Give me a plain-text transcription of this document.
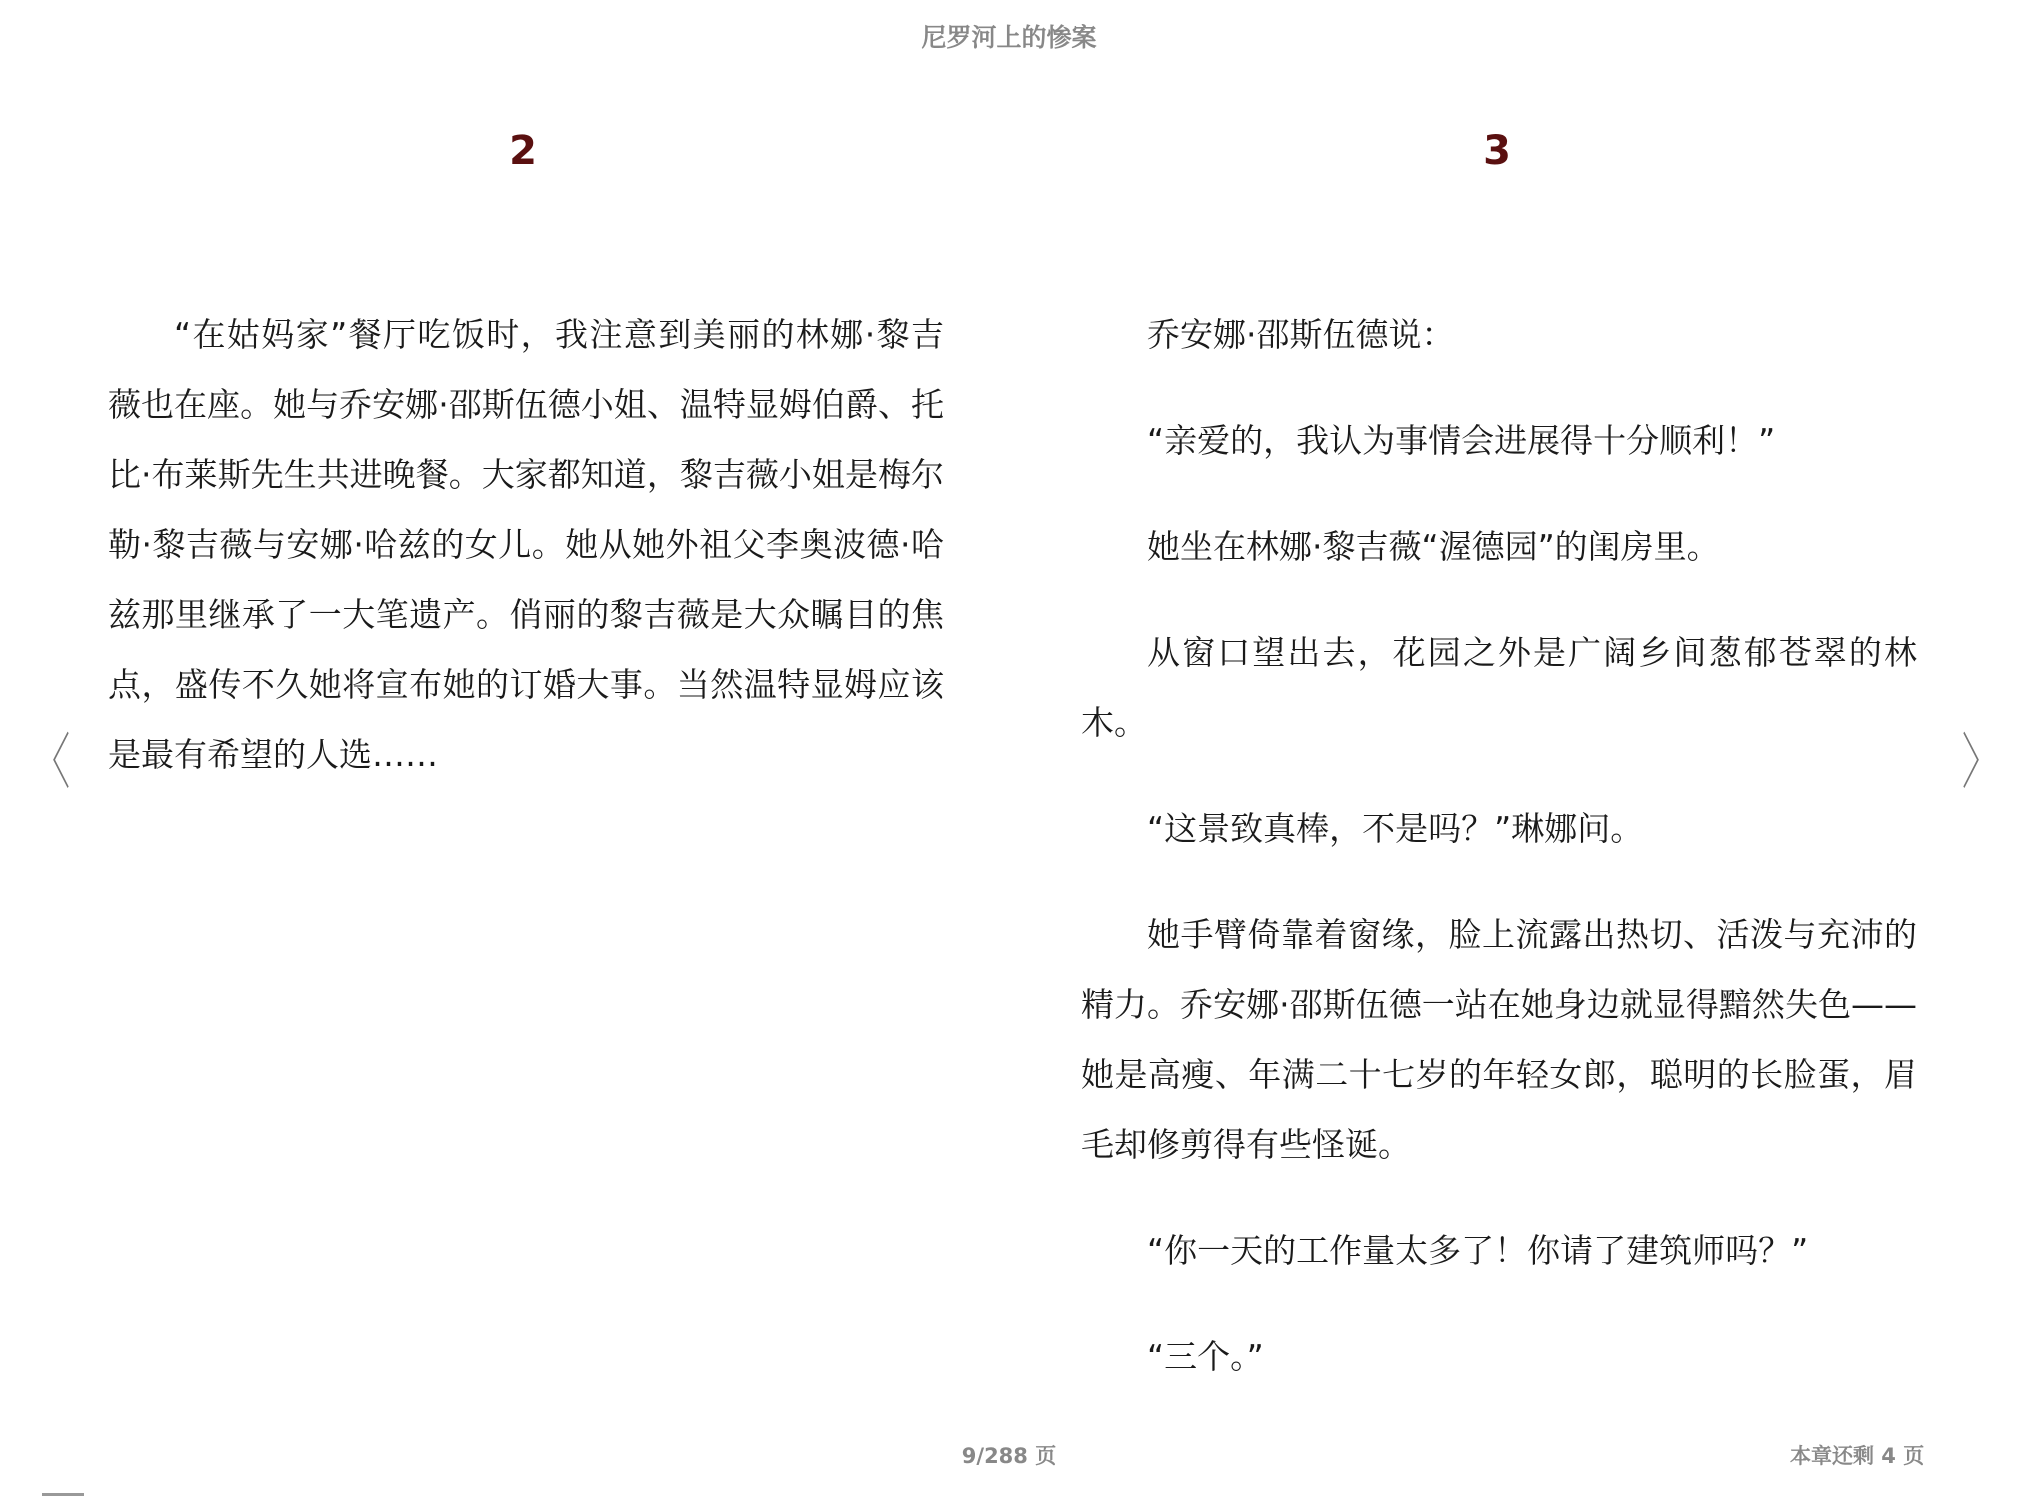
尼罗河上的惨案
2	3

“在姑妈家”餐厅吃饭时，我注意到美丽的林娜·黎吉薇也在座。她与乔安娜·邵斯伍德小姐、温特显姆伯爵、托比·布莱斯先生共进晚餐。大家都知道，黎吉薇小姐是梅尔勒·黎吉薇与安娜·哈兹的女儿。她从她外祖父李奥波德·哈兹那里继承了一大笔遗产。俏丽的黎吉薇是大众瞩目的焦点，盛传不久她将宣布她的订婚大事。当然温特显姆应该是最有希望的人选……

乔安娜·邵斯伍德说：

“亲爱的，我认为事情会进展得十分顺利！”

她坐在林娜·黎吉薇“渥德园”的闺房里。

从窗口望出去，花园之外是广阔乡间葱郁苍翠的林木。

“这景致真棒，不是吗？”琳娜问。

她手臂倚靠着窗缘，脸上流露出热切、活泼与充沛的精力。乔安娜·邵斯伍德一站在她身边就显得黯然失色——她是高瘦、年满二十七岁的年轻女郎，聪明的长脸蛋，眉毛却修剪得有些怪诞。

“你一天的工作量太多了！你请了建筑师吗？”

“三个。”

〈	〉
9/288 页	本章还剩 4 页
